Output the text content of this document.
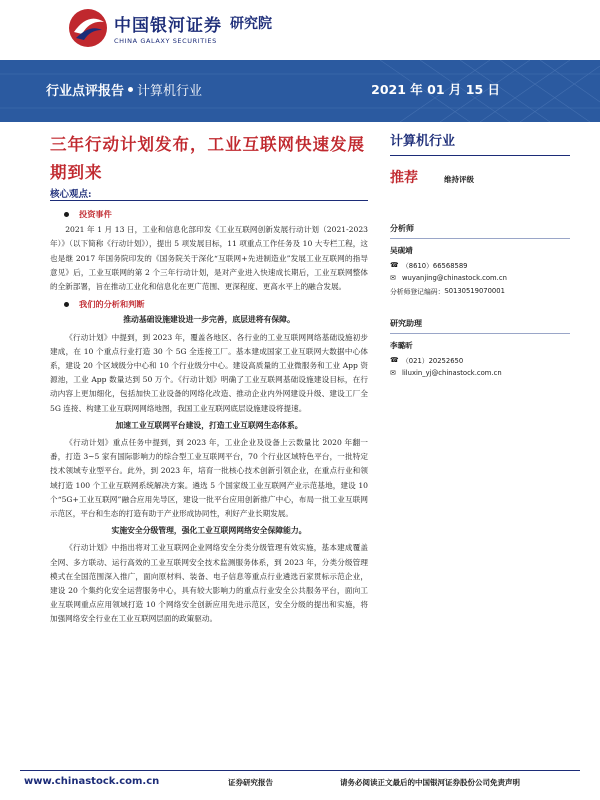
中国银河证券
CHINA GALAXY SECURITIES
研究院
行业点评报告 计算机行业	2021 年 01 月 15 日
三年行动计划发布，工业互联网快速发展期到来
核心观点:
投资事件

2021 年 1 月 13 日，工业和信息化部印发《工业互联网创新发展行动计划（2021-2023 年）》（以下简称《行动计划》），提出 5 项发展目标，11 项重点工作任务及 10 大专栏工程，这也是继 2017 年国务院印发的《国务院关于深化“互联网+先进制造业”发展工业互联网的指导意见》后，工业互联网的第 2 个三年行动计划，是对产业进入快速成长期后，工业互联网整体的全新部署，旨在推动工业化和信息化在更广范围、更深程度、更高水平上的融合发展。

我们的分析和判断
推动基础设施建设进一步完善，底层进将有保障。

《行动计划》中提到，到 2023 年，覆盖各地区、各行业的工业互联网网络基础设施初步建成，在 10 个重点行业打造 30 个 5G 全连接工厂。基本建成国家工业互联网大数据中心体系，建设 20 个区域级分中心和 10 个行业级分中心。建设高质量的工业微服务和工业 App 资源池，工业 App 数量达到 50 万个。《行动计划》明确了工业互联网基础设施建设目标，在行动内容上更加细化，包括加快工业设备的网络化改造、推动企业内外网建设升级、建设工厂全 5G 连接、构建工业互联网网络地图，我国工业互联网底层设施建设将提速。

加速工业互联网平台建设，打造工业互联网生态体系。

《行动计划》重点任务中提到，到 2023 年，工业企业及设备上云数量比 2020 年翻一番，打造 3~5 家有国际影响力的综合型工业互联网平台，70 个行业区域特色平台，一批特定技术领域专业型平台。此外，到 2023 年，培育一批核心技术创新引领企业，在重点行业和领域打造 100 个工业互联网系统解决方案。遴选 5 个国家级工业互联网产业示范基地，建设 10 个“5G+工业互联网”融合应用先导区，建设一批平台应用创新推广中心，布局一批工业互联网示范区，平台和生态的打造有助于产业形成协同性，利好产业长期发展。

实施安全分级管理，强化工业互联网网络安全保障能力。

《行动计划》中指出将对工业互联网企业网络安全分类分级管理有效实施，基本建成覆盖全网、多方联动、运行高效的工业互联网安全技术监测服务体系，到 2023 年，分类分级管理模式在全国范围深入推广，面向原材料、装备、电子信息等重点行业遴选百家贯标示范企业，建设 20 个集约化安全运营服务中心，具有较大影响力的重点行业安全公共服务平台，面向工业互联网重点应用领域打造 10 个网络安全创新应用先进示范区，安全分级的提出和实施，将加强网络安全行业在工业互联网层面的政策驱动。

计算机行业
推荐	维持评级
分析师
吴砚靖
☎ （8610）66568589
✉ wuyanjing@chinastock.com.cn
分析师登记编码： S0130519070001
研究助理
李璐昕
☎ （021）20252650
✉ liluxin_yj@chinastock.com.cn
www.chinastock.com.cn	证券研究报告	请务必阅读正文最后的中国银河证券股份公司免责声明
